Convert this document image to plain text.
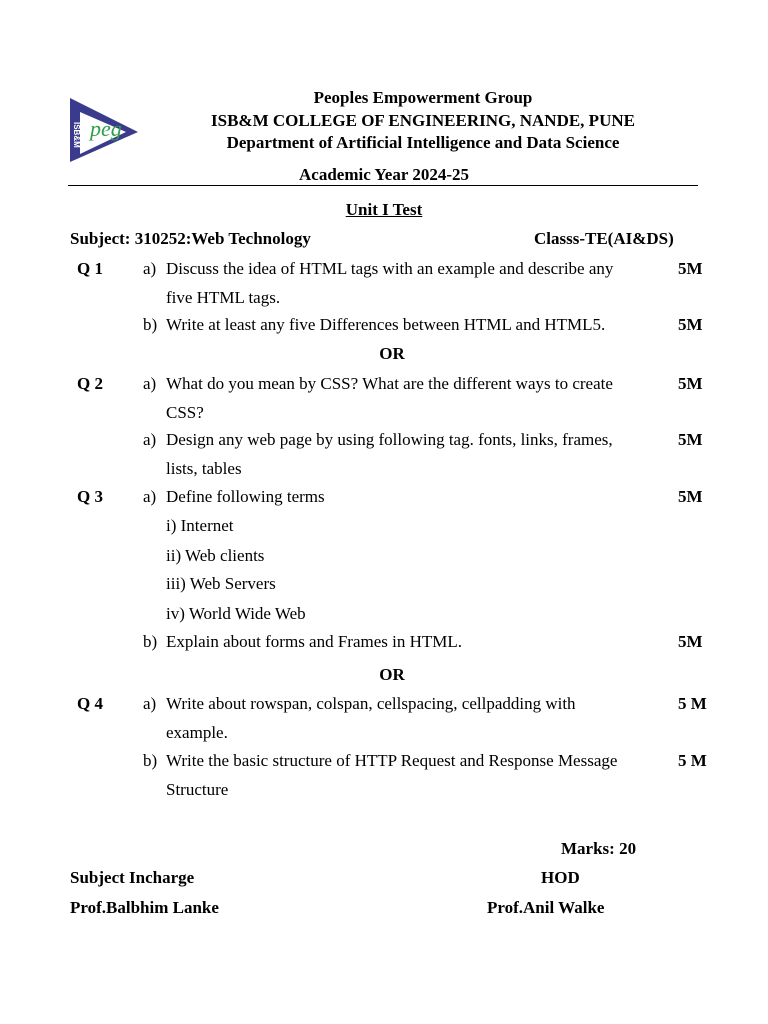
ISB&M peg
Peoples Empowerment Group
ISB&M COLLEGE OF ENGINEERING, NANDE, PUNE
Department of Artificial Intelligence and Data Science
Academic Year 2024-25
Unit I Test
Subject: 310252:Web Technology	Classs-TE(AI&DS)
Q 1 a) Discuss the idea of HTML tags with an example and describe any	5M
five HTML tags.
b) Write at least any five Differences between HTML and HTML5.	5M
OR
Q 2 a) What do you mean by CSS? What are the different ways to create	5M
CSS?
a) Design any web page by using following tag. fonts, links, frames,	5M
lists, tables
Q 3 a) Define following terms	5M
i) Internet
ii) Web clients
iii) Web Servers
iv) World Wide Web
b) Explain about forms and Frames in HTML.	5M
OR
Q 4 a) Write about rowspan, colspan, cellspacing, cellpadding with	5 M
example.
b) Write the basic structure of HTTP Request and Response Message	5 M
Structure
Marks: 20
Subject Incharge	HOD
Prof.Balbhim Lanke	Prof.Anil Walke
